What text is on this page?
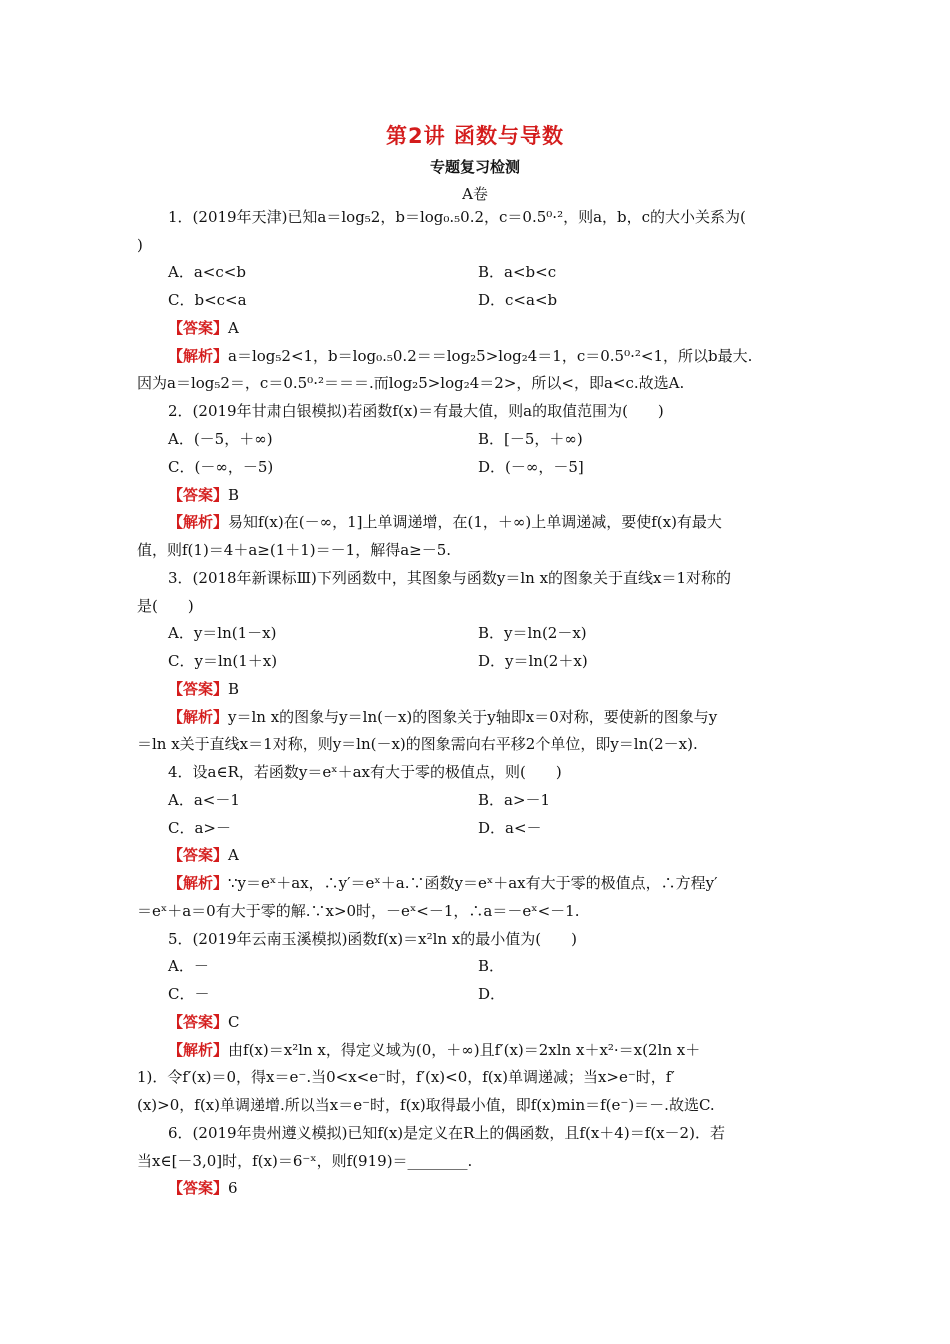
第2讲 函数与导数
专题复习检测
A卷
1．(2019年天津)已知a＝log₅2，b＝log₀.₅0.2，c＝0.5⁰·²，则a，b，c的大小关系为(
)
A．a<c<b	B．a<b<c
C．b<c<a	D．c<a<b
【答案】A
【解析】a＝log₅2<1，b＝log₀.₅0.2＝＝log₂5>log₂4＝1，c＝0.5⁰·²<1，所以b最大.
因为a＝log₅2＝，c＝0.5⁰·²＝＝＝.而log₂5>log₂4＝2>，所以<，即a<c.故选A.
2．(2019年甘肃白银模拟)若函数f(x)＝有最大值，则a的取值范围为(　　)
A．(－5，＋∞)	B．[－5，＋∞)
C．(－∞，－5)	D．(－∞，－5]
【答案】B
【解析】易知f(x)在(－∞，1]上单调递增，在(1，＋∞)上单调递减，要使f(x)有最大
值，则f(1)＝4＋a≥(1＋1)＝－1，解得a≥－5.
3．(2018年新课标Ⅲ)下列函数中，其图象与函数y＝ln x的图象关于直线x＝1对称的
是(　　)
A．y＝ln(1－x)	B．y＝ln(2－x)
C．y＝ln(1＋x)	D．y＝ln(2＋x)
【答案】B
【解析】y＝ln x的图象与y＝ln(－x)的图象关于y轴即x＝0对称，要使新的图象与y
＝ln x关于直线x＝1对称，则y＝ln(－x)的图象需向右平移2个单位，即y＝ln(2－x).
4．设a∈R，若函数y＝eˣ＋ax有大于零的极值点，则(　　)
A．a<－1	B．a>－1
C．a>－	D．a<－
【答案】A
【解析】∵y＝eˣ＋ax，∴y′＝eˣ＋a.∵函数y＝eˣ＋ax有大于零的极值点，∴方程y′
＝eˣ＋a＝0有大于零的解.∵x>0时，－eˣ<－1，∴a＝－eˣ<－1.
5．(2019年云南玉溪模拟)函数f(x)＝x²ln x的最小值为(　　)
A．－	B．
C．－	D．
【答案】C
【解析】由f(x)＝x²ln x，得定义域为(0，＋∞)且f′(x)＝2xln x＋x²·＝x(2ln x＋
1)．令f′(x)＝0，得x＝e⁻.当0<x<e⁻时，f′(x)<0，f(x)单调递减；当x>e⁻时，f′
(x)>0，f(x)单调递增.所以当x＝e⁻时，f(x)取得最小值，即f(x)min＝f(e⁻)＝－.故选C.
6．(2019年贵州遵义模拟)已知f(x)是定义在R上的偶函数，且f(x＋4)＝f(x－2)．若
当x∈[－3,0]时，f(x)＝6⁻ˣ，则f(919)＝________.
【答案】6
